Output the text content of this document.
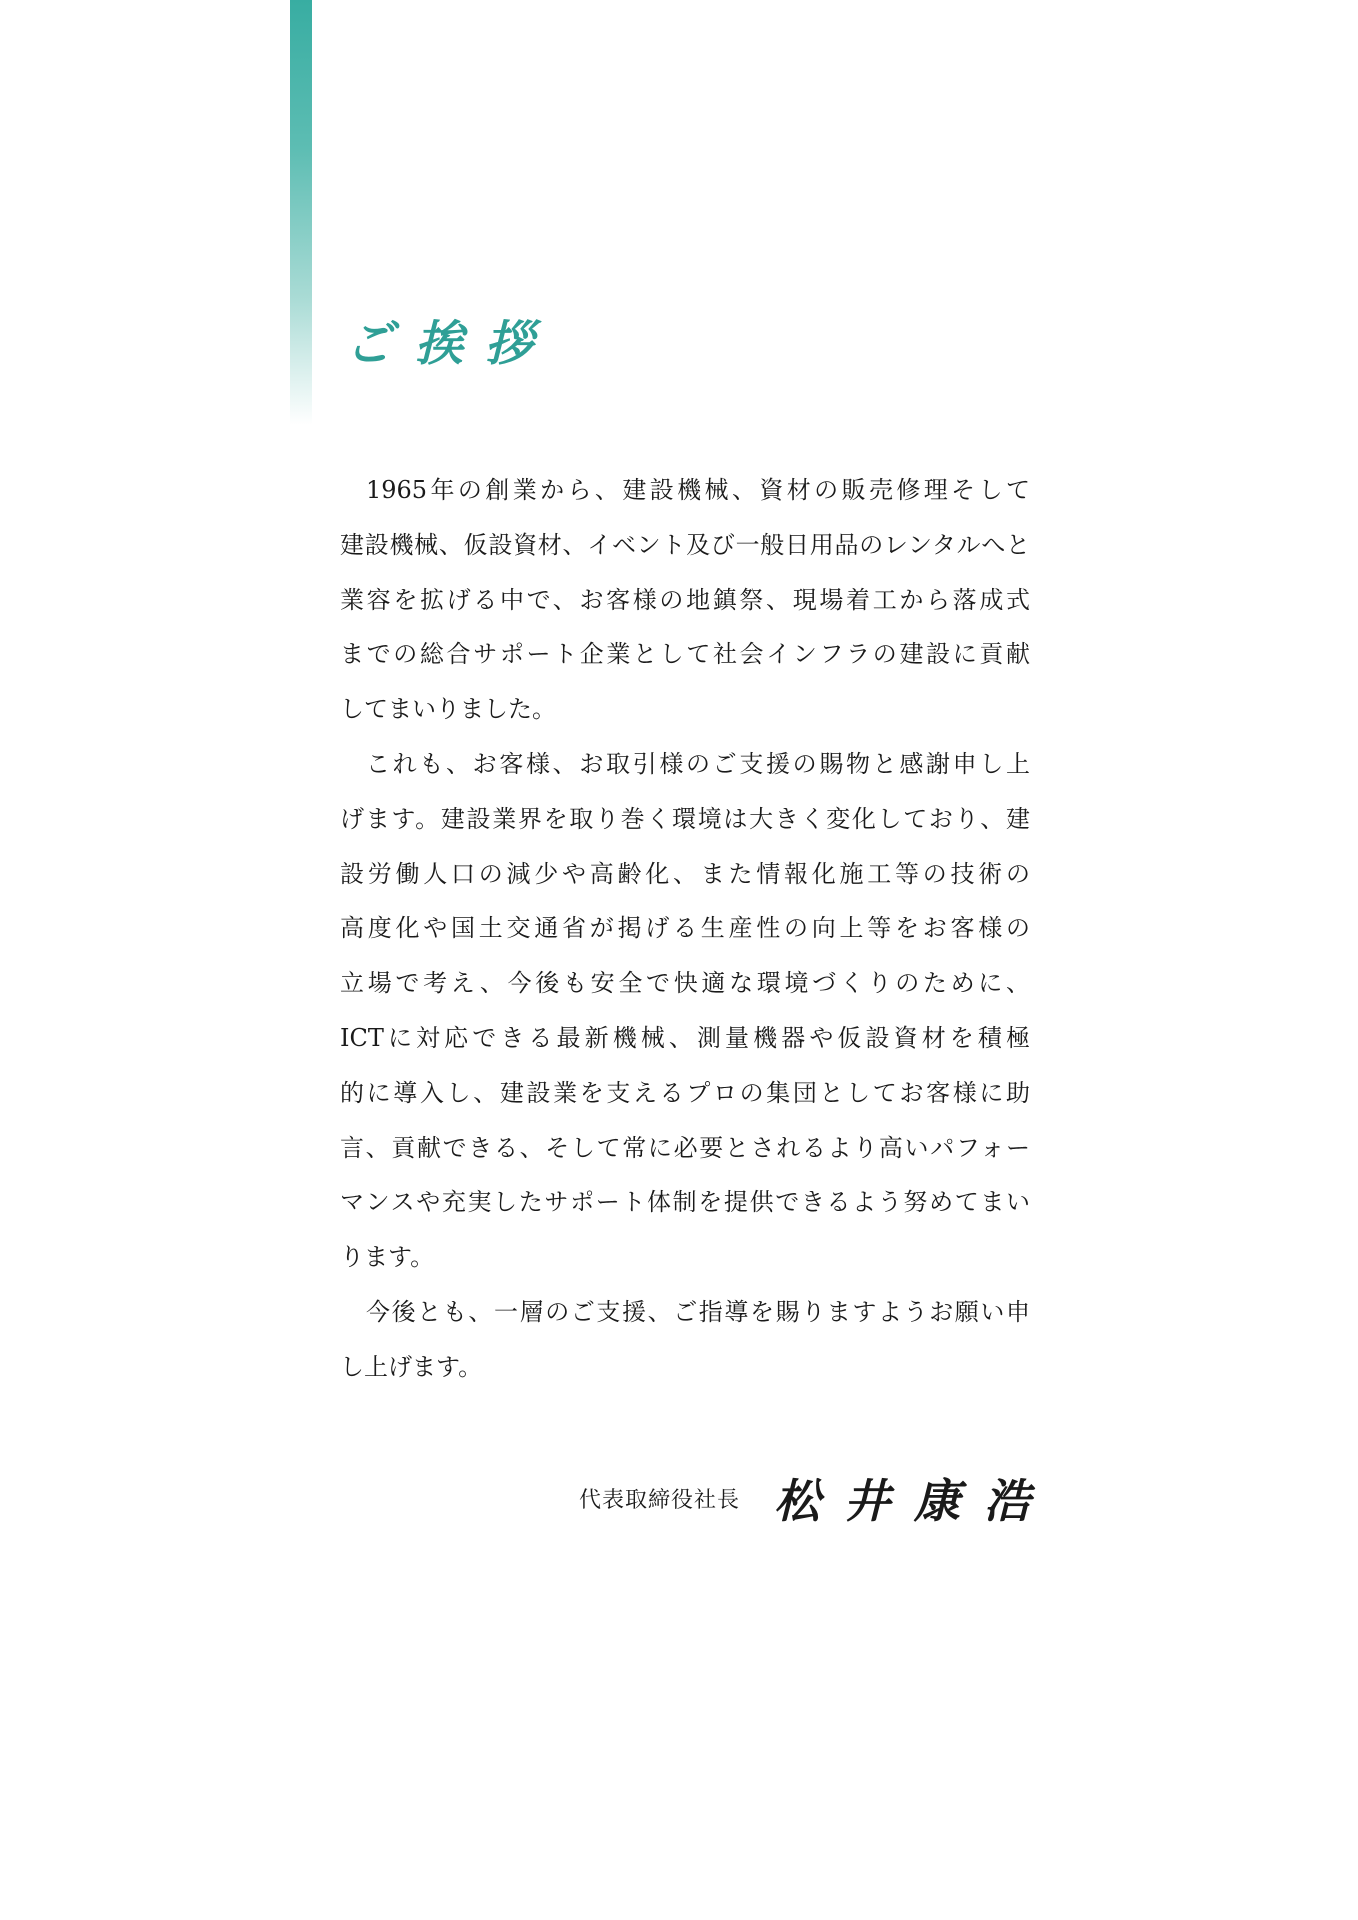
ご挨拶
1965年の創業から、建設機械、資材の販売修理そして
建設機械、仮設資材、イベント及び一般日用品のレンタルへと
業容を拡げる中で、お客様の地鎮祭、現場着工から落成式
までの総合サポート企業として社会インフラの建設に貢献
してまいりました。
これも、お客様、お取引様のご支援の賜物と感謝申し上
げます。建設業界を取り巻く環境は大きく変化しており、建
設労働人口の減少や高齢化、また情報化施工等の技術の
高度化や国土交通省が掲げる生産性の向上等をお客様の
立場で考え、今後も安全で快適な環境づくりのために、
ICTに対応できる最新機械、測量機器や仮設資材を積極
的に導入し、建設業を支えるプロの集団としてお客様に助
言、貢献できる、そして常に必要とされるより高いパフォー
マンスや充実したサポート体制を提供できるよう努めてまい
ります。
今後とも、一層のご支援、ご指導を賜りますようお願い申
し上げます。
代表取締役社長 松井康浩
